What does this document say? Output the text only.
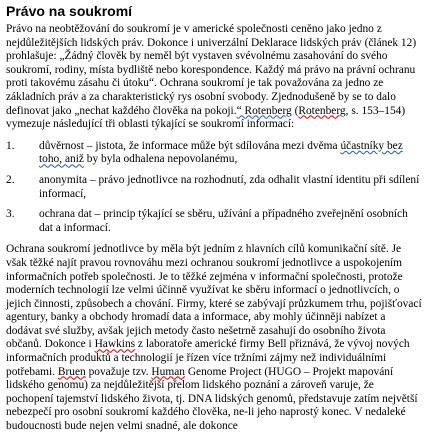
Právo na soukromí

Právo na neobtěžování do soukromí je v americké společnosti ceněno jako jedno z nejdůležitějších lidských práv. Dokonce i univerzální Deklarace lidských práv (článek 12) prohlašuje: „Žádný člověk by neměl být vystaven svévolnému zasahování do svého soukromí, rodiny, místa bydliště nebo korespondence. Každý má právo na právní ochranu proti takovému zásahu či útoku“. Ochrana soukromí je tak považována za jedno ze základních práv a za charakteristický rys osobní svobody. Zjednodušeně by se to dalo definovat jako „nechat každého člověka na pokoji.“ Rotenberg (Rotenberg, s. 153–154) vymezuje následující tři oblasti týkající se soukromí informací:

1.	důvěrnost – jistota, že informace může být sdílována mezi dvěma účastníky bez toho, aniž by byla odhalena nepovolanému,
2.	anonymita – právo jednotlivce na rozhodnutí, zda odhalit vlastní identitu při sdílení informací,
3.	ochrana dat – princip týkající se sběru, užívání a případného zveřejnění osobních dat a informací.

Ochrana soukromí jednotlivce by měla být jedním z hlavních cílů komunikační sítě. Je však těžké najít pravou rovnováhu mezi ochranou soukromí jednotlivce a uspokojením informačních potřeb společnosti. Je to těžké zejména v informační společnosti, protože moderních technologií lze velmi účinně využívat ke sběru informací o jednotlivcích, o jejich činnosti, způsobech a chování. Firmy, které se zabývají průzkumem trhu, pojišťovací agentury, banky a obchody hromadí data a informace, aby mohly účinněji nabízet a dodávat své služby, avšak jejich metody často nešetrně zasahují do osobního života občanů. Dokonce i Hawkins z laboratoře americké firmy Bell přiznává, že vývoj nových informačních produktů a technologií je řízen více tržními zájmy než individuálními potřebami. Bruen považuje tzv. Human Genome Project (HUGO – Projekt mapování lidského genomu) za nejdůležitější přelom lidského poznání a zároveň varuje, že pochopení tajemství lidského života, tj. DNA lidských genomů, představuje zatím největší nebezpečí pro osobní soukromí každého člověka, ne-li jeho naprostý konec. V nedaleké budoucnosti bude nejen velmi snadné, ale dokonce
